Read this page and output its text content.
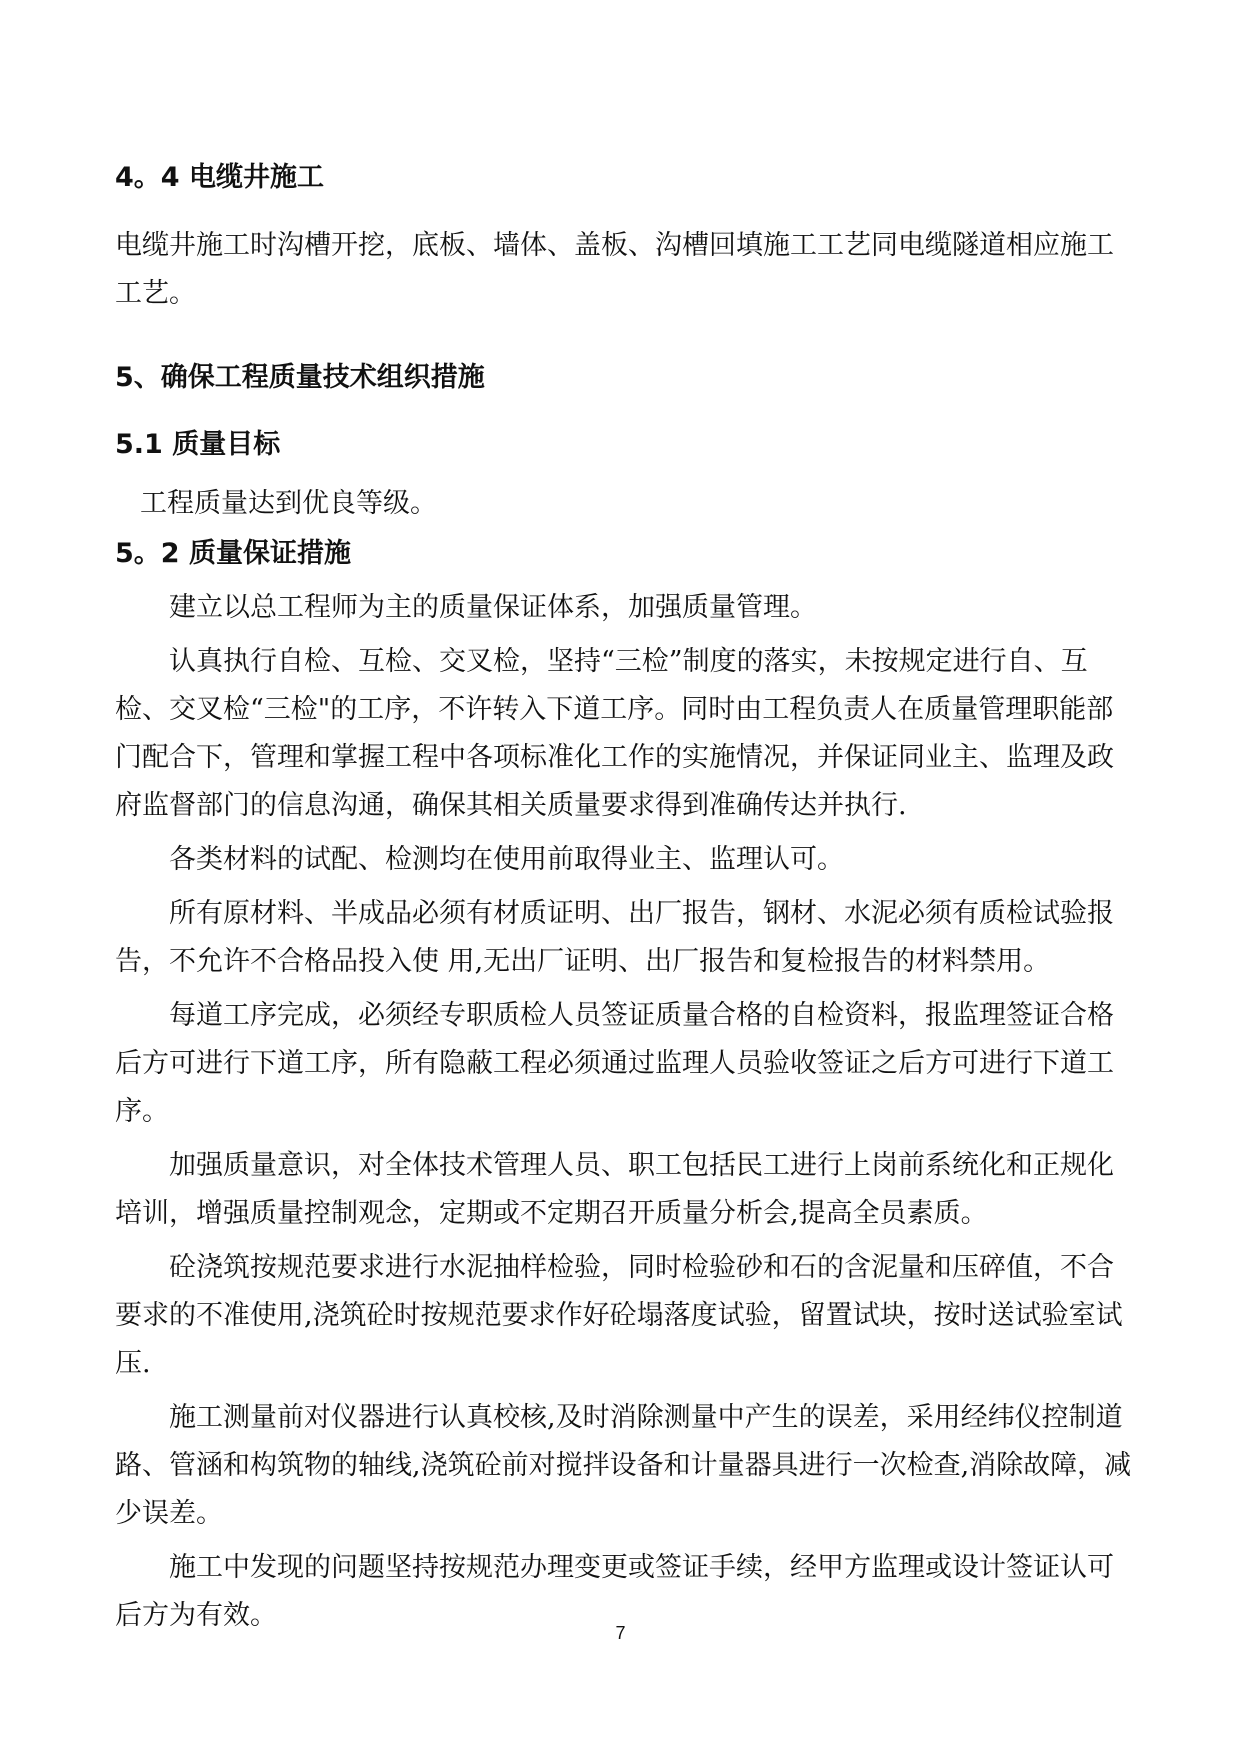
4。4 电缆井施工

电缆井施工时沟槽开挖，底板、墙体、盖板、沟槽回填施工工艺同电缆隧道相应施工工艺。

5、确保工程质量技术组织措施
5.1 质量目标

工程质量达到优良等级。

5。2 质量保证措施

建立以总工程师为主的质量保证体系，加强质量管理。

认真执行自检、互检、交叉检，坚持“三检”制度的落实，未按规定进行自、互检、交叉检“三检"的工序，不许转入下道工序。同时由工程负责人在质量管理职能部门配合下，管理和掌握工程中各项标准化工作的实施情况，并保证同业主、监理及政府监督部门的信息沟通，确保其相关质量要求得到准确传达并执行.

各类材料的试配、检测均在使用前取得业主、监理认可。

所有原材料、半成品必须有材质证明、出厂报告，钢材、水泥必须有质检试验报告，不允许不合格品投入使 用,无出厂证明、出厂报告和复检报告的材料禁用。

每道工序完成，必须经专职质检人员签证质量合格的自检资料，报监理签证合格后方可进行下道工序，所有隐蔽工程必须通过监理人员验收签证之后方可进行下道工序。

加强质量意识，对全体技术管理人员、职工包括民工进行上岗前系统化和正规化培训，增强质量控制观念，定期或不定期召开质量分析会,提高全员素质。

砼浇筑按规范要求进行水泥抽样检验，同时检验砂和石的含泥量和压碎值，不合要求的不准使用,浇筑砼时按规范要求作好砼塌落度试验，留置试块，按时送试验室试压.

施工测量前对仪器进行认真校核,及时消除测量中产生的误差，采用经纬仪控制道路、管涵和构筑物的轴线,浇筑砼前对搅拌设备和计量器具进行一次检查,消除故障，减少误差。

施工中发现的问题坚持按规范办理变更或签证手续，经甲方监理或设计签证认可后方为有效。

7
